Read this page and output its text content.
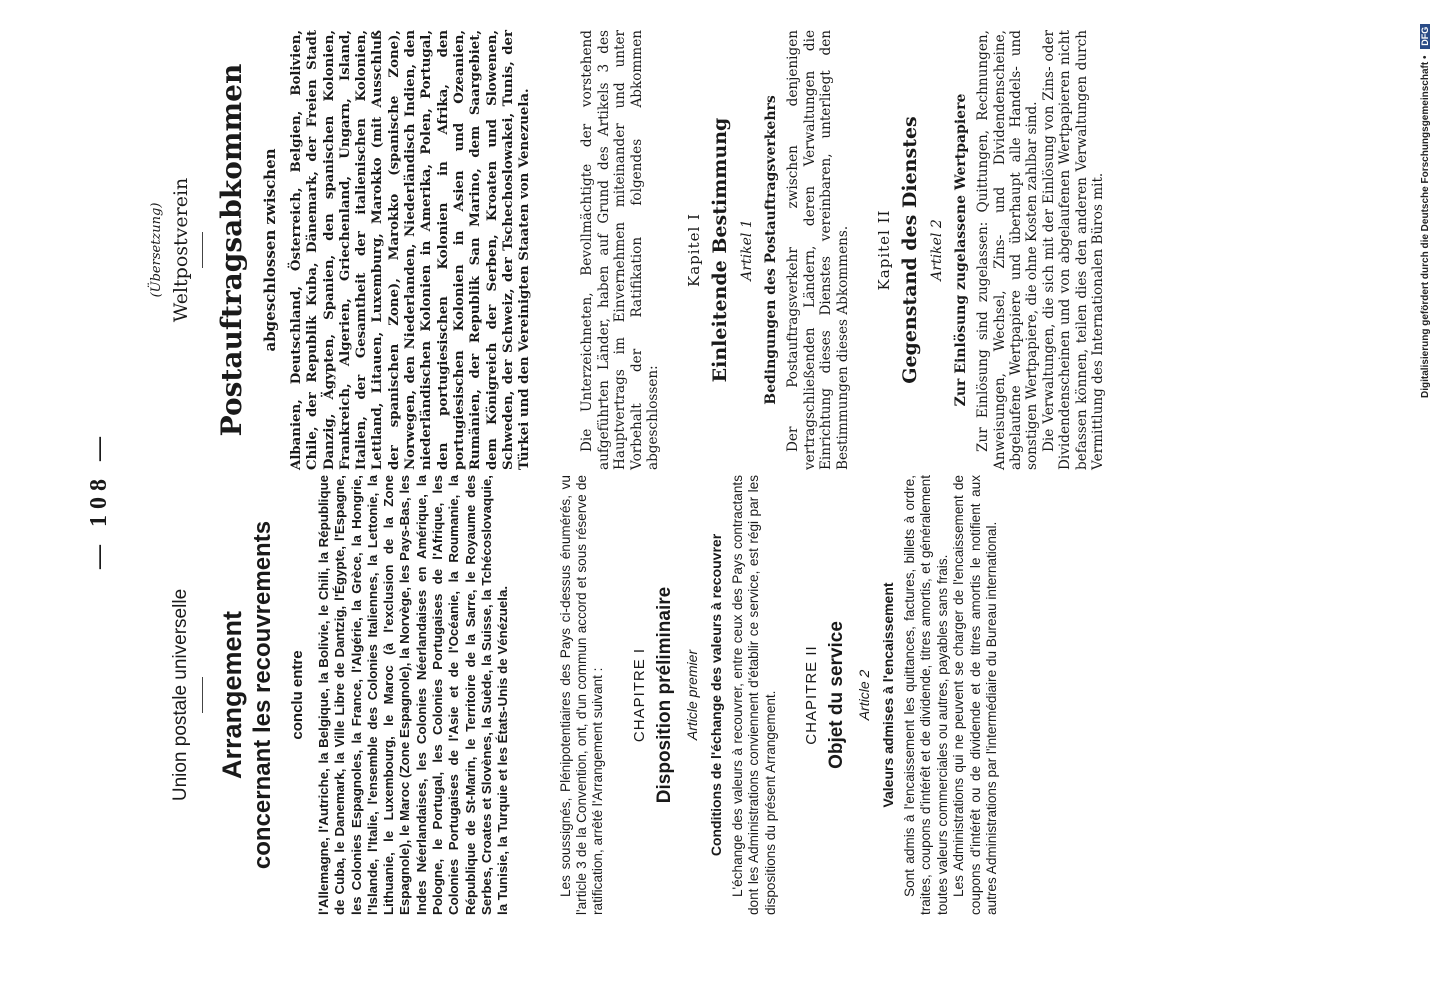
— 108 —
Union postale universelle Arrangement concernant les recouvrements conclu entre l'Allemagne, l'Autriche, la Belgique, la Bolivie, le Chili, la République de Cuba, le Danemark, la Ville Libre de Dantzig, l'Égypte, l'Espagne, les Colonies Espagnoles, la France, l'Algérie, la Grèce, la Hongrie, l'Islande, l'Italie, l'ensemble des Colonies Italiennes, la Lettonie, la Lithuanie, le Luxembourg, le Maroc (à l'exclusion de la Zone Espagnole), le Maroc (Zone Espagnole), la Norvège, les Pays-Bas, les Indes Néerlandaises, les Colonies Néerlandaises en Amérique, la Pologne, le Portugal, les Colonies Portugaises de l'Afrique, les Colonies Portugaises de l'Asie et de l'Océanie, la Roumanie, la République de St-Marin, le Territoire de la Sarre, le Royaume des Serbes, Croates et Slovènes, la Suède, la Suisse, la Tchécoslovaquie, la Tunisie, la Turquie et les États-Unis de Vénézuela.	Les soussignés, Plénipotentiaires des Pays ci-dessus énumérés, vu l'article 3 de la Convention, ont, d'un commun accord et sous réserve de ratification, arrêté l'Arrangement suivant : CHAPITRE I Disposition préliminaire Article premier Conditions de l'échange des valeurs à recouvrer L'échange des valeurs à recouvrer, entre ceux des Pays contractants dont les Administrations conviennent d'établir ce service, est régi par les dispositions du présent Arrangement. CHAPITRE II Objet du service Article 2 Valeurs admises à l'encaissement Sont admis à l'encaissement les quittances, factures, billets à ordre, traites, coupons d'intérêt et de dividende, titres amortis, et généralement toutes valeurs commerciales ou autres, payables sans frais. Les Administrations qui ne peuvent se charger de l'encaissement de coupons d'intérêt ou de dividende et de titres amortis le notifient aux autres Administrations par l'intermédiaire du Bureau international.

(Übersetzung) Weltpostverein Postauftragsabkommen abgeschlossen zwischen Albanien, Deutschland, Österreich, Belgien, Bolivien, Chile, der Republik Kuba, Dänemark, der Freien Stadt Danzig, Ägypten, Spanien, den spanischen Kolonien, Frankreich, Algerien, Griechenland, Ungarn, Island, Italien, der Gesamtheit der italienischen Kolonien, Lettland, Litauen, Luxemburg, Marokko (mit Ausschluß der spanischen Zone), Marokko (spanische Zone), Norwegen, den Niederlanden, Niederländisch Indien, den niederländischen Kolonien in Amerika, Polen, Portugal, den portugiesischen Kolonien in Afrika, den portugiesischen Kolonien in Asien und Ozeanien, Rumänien, der Republik San Marino, dem Saargebiet, dem Königreich der Serben, Kroaten und Slowenen, Schweden, der Schweiz, der Tschechoslowakei, Tunis, der Türkei und den Vereinigten Staaten von Venezuela.	Die Unterzeichneten, Bevollmächtigte der vorstehend aufgeführten Länder, haben auf Grund des Artikels 3 des Hauptvertrags im Einvernehmen miteinander und unter Vorbehalt der Ratifikation folgendes Abkommen abgeschlossen:

Kapitel I Einleitende Bestimmung Artikel 1 Bedingungen des Postauftragsverkehrs Der Postauftragsverkehr zwischen denjenigen vertragschließenden Ländern, deren Verwaltungen die Einrichtung dieses Dienstes vereinbaren, unterliegt den Bestimmungen dieses Abkommens. Kapitel II Gegenstand des Dienstes Artikel 2 Zur Einlösung zugelassene Wertpapiere Zur Einlösung sind zugelassen: Quittungen, Rechnungen, Anweisungen, Wechsel, Zins- und Dividendenscheine, abgelaufene Wertpapiere und überhaupt alle Handels- und sonstigen Wertpapiere, die ohne Kosten zahlbar sind. Die Verwaltungen, die sich mit der Einlösung von Zins- oder Dividendenscheinen und von abgelaufenen Wertpapieren nicht befassen können, teilen dies den anderen Verwaltungen durch Vermittlung des Internationalen Büros mit.	Digitalisierung gefördert durch die Deutsche Forschungsgemeinschaft • DFG
